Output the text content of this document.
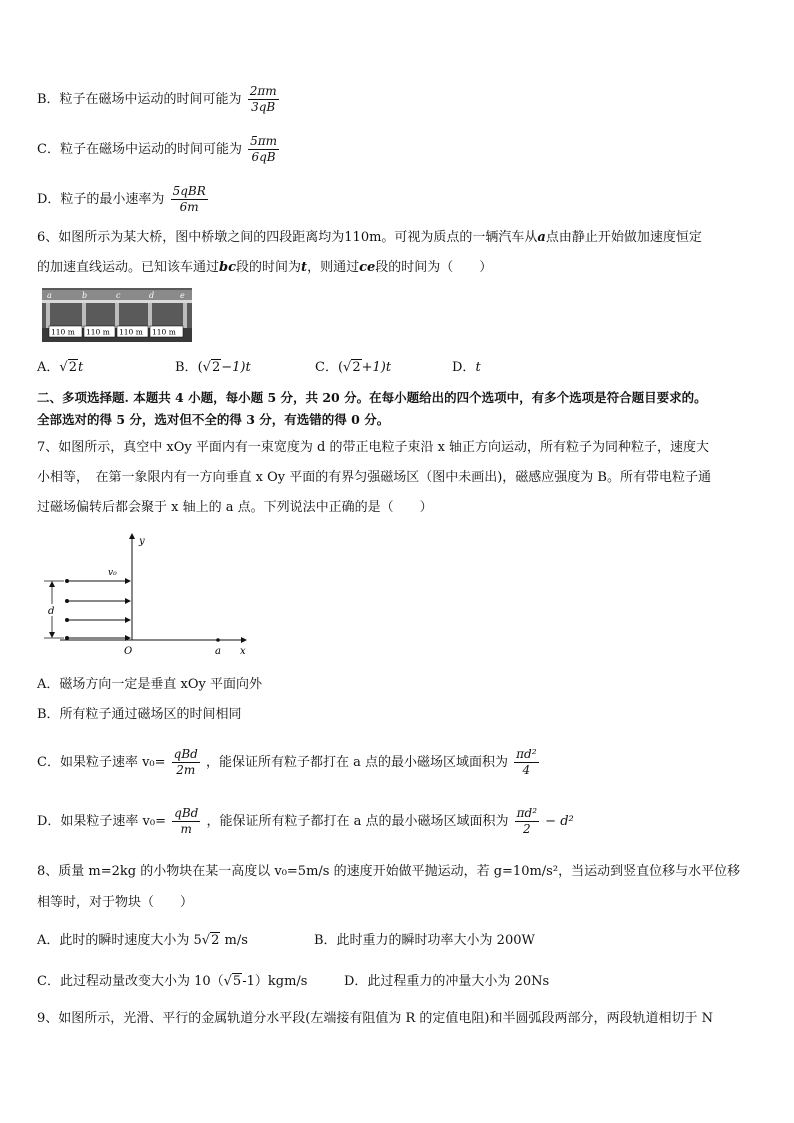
B．粒子在磁场中运动的时间可能为 $\frac{2\pi m}{3qB}$
C．粒子在磁场中运动的时间可能为 $\frac{5\pi m}{6qB}$
D．粒子的最小速率为 $\frac{\text{5qBR}}{6m}$
6、如图所示为某大桥，图中桥墩之间的四段距离均为110m。可视为质点的一辆汽车从a点由静止开始做加速度恒定
的加速直线运动。已知该车通过bc段的时间为t，则通过ce段的时间为（　　）
a	b	c	d	e
110 m 110 m 110 m 110 m
A．√2t	B．(√2−1)t	C．(√2+1)t	D．t
二、多项选择题. 本题共 4 小题，每小题 5 分，共 20 分。在每小题给出的四个选项中，有多个选项是符合题目要求的。
全部选对的得 5 分，选对但不全的得 3 分，有选错的得 0 分。
7、如图所示，真空中 xOy 平面内有一束宽度为 d 的带正电粒子束沿 x 轴正方向运动，所有粒子为同种粒子，速度大
小相等，　在第一象限内有一方向垂直 x Oy 平面的有界匀强磁场区（图中未画出)，磁感应强度为 B。所有带电粒子通
过磁场偏转后都会聚于 x 轴上的 a 点。下列说法中正确的是（　　）
y
x
O	a
v₀
d
A．磁场方向一定是垂直 xOy 平面向外
B．所有粒子通过磁场区的时间相同
C．如果粒子速率 $v_0= \frac{\text{qBd}}{2m}$ ，能保证所有粒子都打在 a 点的最小磁场区域面积为 $\frac{\text{πd²}}{4}$
D．如果粒子速率 $v_0= \frac{\text{qBd}}{m}$ ，能保证所有粒子都打在 a 点的最小磁场区域面积为 $\frac{\text{πd²}}{2} - d^2$
8、质量 m=2kg 的小物块在某一高度以 v₀=5m/s 的速度开始做平抛运动，若 g=10m/s²，当运动到竖直位移与水平位移
相等时，对于物块（　　）
A．此时的瞬时速度大小为 5√2 m/s	B．此时重力的瞬时功率大小为 200W
C．此过程动量改变大小为 10（√5-1）kgm/s	D．此过程重力的冲量大小为 20Ns
9、如图所示，光滑、平行的金属轨道分水平段(左端接有阻值为 R 的定值电阻)和半圆弧段两部分，两段轨道相切于 N
